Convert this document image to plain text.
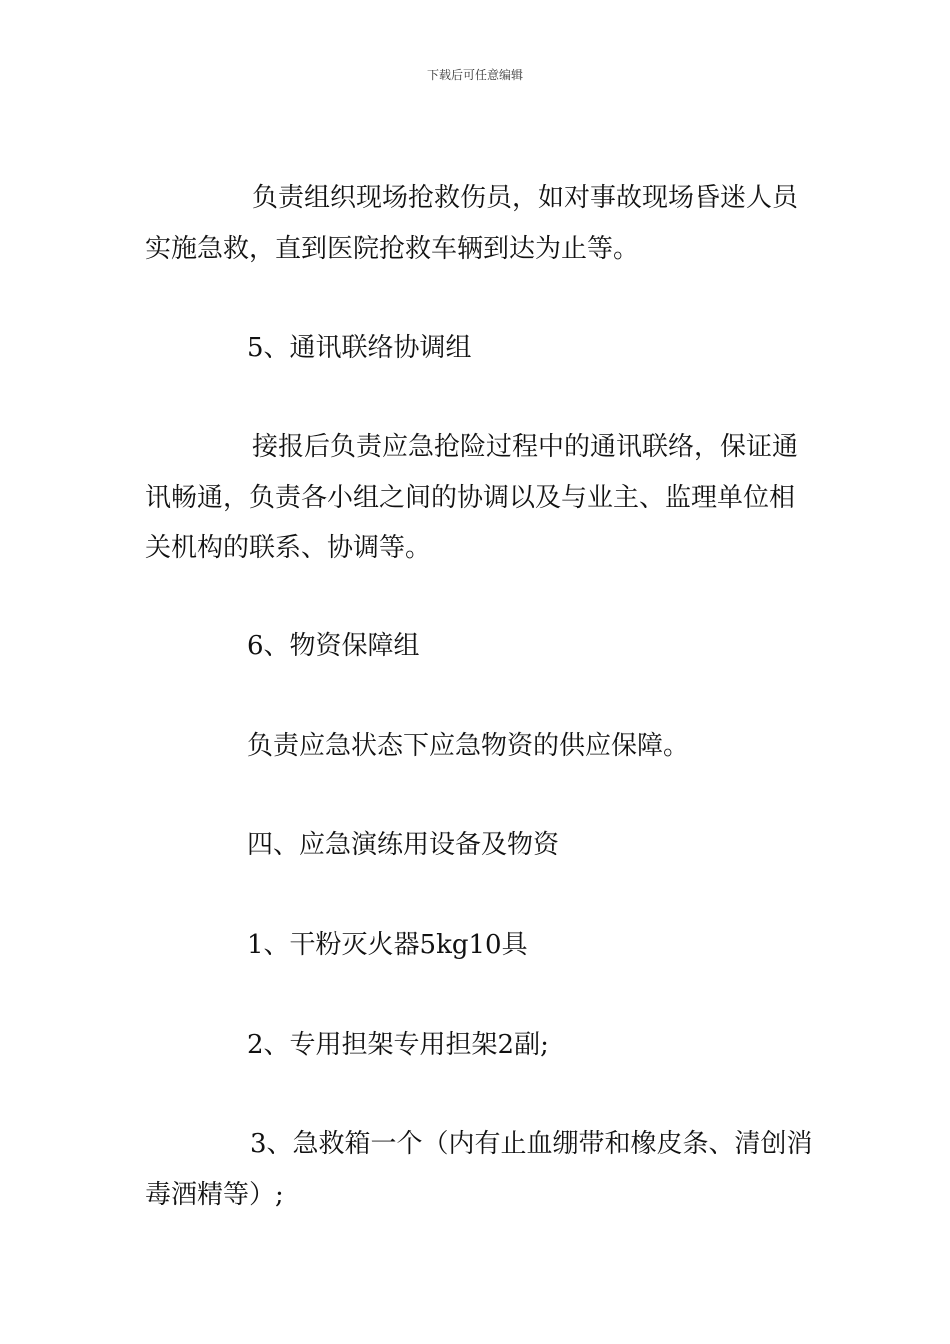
下载后可任意编辑
负责组织现场抢救伤员，如对事故现场昏迷人员
实施急救，直到医院抢救车辆到达为止等。
5、通讯联络协调组
接报后负责应急抢险过程中的通讯联络，保证通
讯畅通，负责各小组之间的协调以及与业主、监理单位相
关机构的联系、协调等。
6、物资保障组
负责应急状态下应急物资的供应保障。
四、应急演练用设备及物资
1、干粉灭火器5kg10具
2、专用担架专用担架2副;
3、急救箱一个（内有止血绷带和橡皮条、清创消
毒酒精等）;
